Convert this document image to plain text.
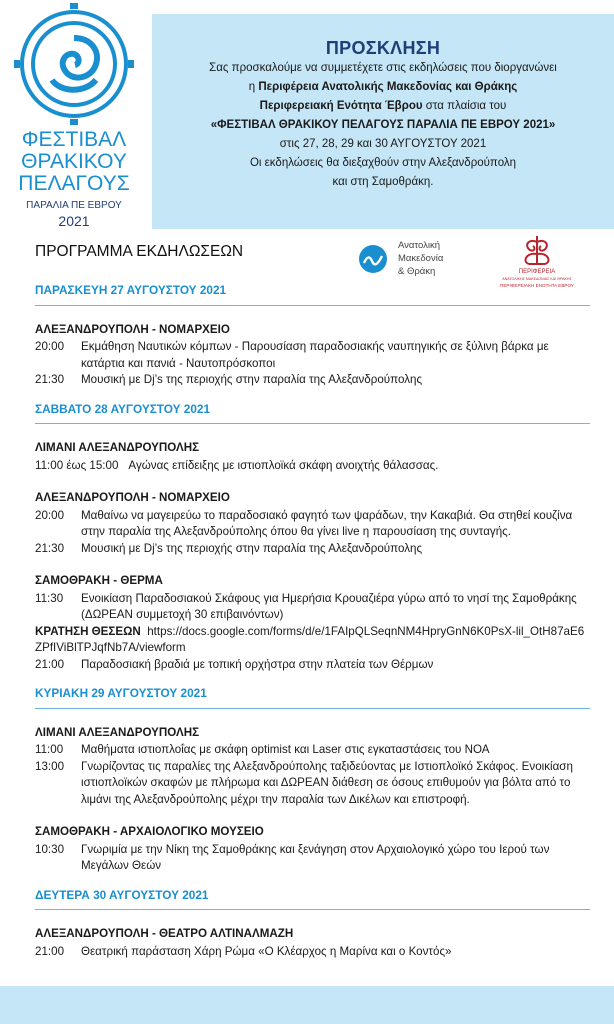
ΦΕΣΤΙΒΑΛ
ΘΡΑΚΙΚΟΥ
ΠΕΛΑΓΟΥΣ
ΠΑΡΑΛΙΑ ΠΕ ΕΒΡΟΥ
2021
ΠΡΟΣΚΛΗΣΗ
Σας προσκαλούμε να συμμετέχετε στις εκδηλώσεις που διοργανώνει
η Περιφέρεια Ανατολικής Μακεδονίας και Θράκης
Περιφερειακή Ενότητα Έβρου στα πλαίσια του
«ΦΕΣΤΙΒΑΛ ΘΡΑΚΙΚΟΥ ΠΕΛΑΓΟΥΣ ΠΑΡΑΛΙΑ ΠΕ ΕΒΡΟΥ 2021»
στις 27, 28, 29 και 30 ΑΥΓΟΥΣΤΟΥ 2021
Οι εκδηλώσεις θα διεξαχθούν στην Αλεξανδρούπολη
και στη Σαμοθράκη.
ΠΡΟΓΡΑΜΜΑ ΕΚΔΗΛΩΣΕΩΝ	Ανατολική
Μακεδονία
& Θράκη	ΠΕΡΙΦΕΡΕΙΑ
ΑΝΑΤΟΛΙΚΗΣ ΜΑΚΕΔΟΝΙΑΣ ΚΑΙ ΘΡΑΚΗΣ
ΠΕΡΙΦΕΡΕΙΑΚΗ ΕΝΟΤΗΤΑ ΕΒΡΟΥ

ΠΑΡΑΣΚΕΥΗ 27 ΑΥΓΟΥΣΤΟΥ 2021

ΑΛΕΞΑΝΔΡΟΥΠΟΛΗ - ΝΟΜΑΡΧΕΙΟ

20:00	Εκμάθηση Ναυτικών κόμπων - Παρουσίαση παραδοσιακής ναυπηγικής σε ξύλινη βάρκα με κατάρτια και πανιά - Ναυτοπρόσκοποι
21:30	Μουσική με Dj’s της περιοχής στην παραλία της Αλεξανδρούπολης

ΣΑΒΒΑΤΟ 28 ΑΥΓΟΥΣΤΟΥ 2021

ΛΙΜΑΝΙ ΑΛΕΞΑΝΔΡΟΥΠΟΛΗΣ

11:00 έως 15:00 Αγώνας επίδειξης με ιστιοπλοϊκά σκάφη ανοιχτής θάλασσας.

ΑΛΕΞΑΝΔΡΟΥΠΟΛΗ - ΝΟΜΑΡΧΕΙΟ

20:00	Μαθαίνω να μαγειρεύω το παραδοσιακό φαγητό των ψαράδων, την Κακαβιά. Θα στηθεί κουζίνα στην παραλία της Αλεξανδρούπολης όπου θα γίνει live η παρουσίαση της συνταγής.
21:30	Μουσική με Dj’s της περιοχής στην παραλία της Αλεξανδρούπολης

ΣΑΜΟΘΡΑΚΗ - ΘΕΡΜΑ

11:30	Ενοικίαση Παραδοσιακού Σκάφους για Ημερήσια Κρουαζιέρα γύρω από το νησί της Σαμοθράκης (ΔΩΡΕΑΝ συμμετοχή 30 επιβαινόντων)

ΚΡΑΤΗΣΗ ΘΕΣΕΩΝ https://docs.google.com/forms/d/e/1FAIpQLSeqnNM4HpryGnN6K0PsX-lil_OtH87aE6ZPfIViBlTPJqfNb7A/viewform

21:00	Παραδοσιακή βραδιά με τοπική ορχήστρα στην πλατεία των Θέρμων

ΚΥΡΙΑΚΗ 29 ΑΥΓΟΥΣΤΟΥ 2021

ΛΙΜΑΝΙ ΑΛΕΞΑΝΔΡΟΥΠΟΛΗΣ

11:00	Μαθήματα ιστιοπλοΐας με σκάφη optimist και Laser στις εγκαταστάσεις του ΝΟΑ
13:00	Γνωρίζοντας τις παραλίες της Αλεξανδρούπολης ταξιδεύοντας με Ιστιοπλοϊκό Σκάφος. Ενοικίαση ιστιοπλοϊκών σκαφών με πλήρωμα και ΔΩΡΕΑΝ διάθεση σε όσους επιθυμούν για βόλτα από το λιμάνι της Αλεξανδρούπολης μέχρι την παραλία των Δικέλων και επιστροφή.

ΣΑΜΟΘΡΑΚΗ - ΑΡΧΑΙΟΛΟΓΙΚΟ ΜΟΥΣΕΙΟ

10:30	Γνωριμία με την Νίκη της Σαμοθράκης και ξενάγηση στον Αρχαιολογικό χώρο του Ιερού των Μεγάλων Θεών

ΔΕΥΤΕΡΑ 30 ΑΥΓΟΥΣΤΟΥ 2021

ΑΛΕΞΑΝΔΡΟΥΠΟΛΗ - ΘΕΑΤΡΟ ΑΛΤΙΝΑΛΜΑΖΗ

21:00	Θεατρική παράσταση Χάρη Ρώμα «Ο Κλέαρχος η Μαρίνα και ο Κοντός»
